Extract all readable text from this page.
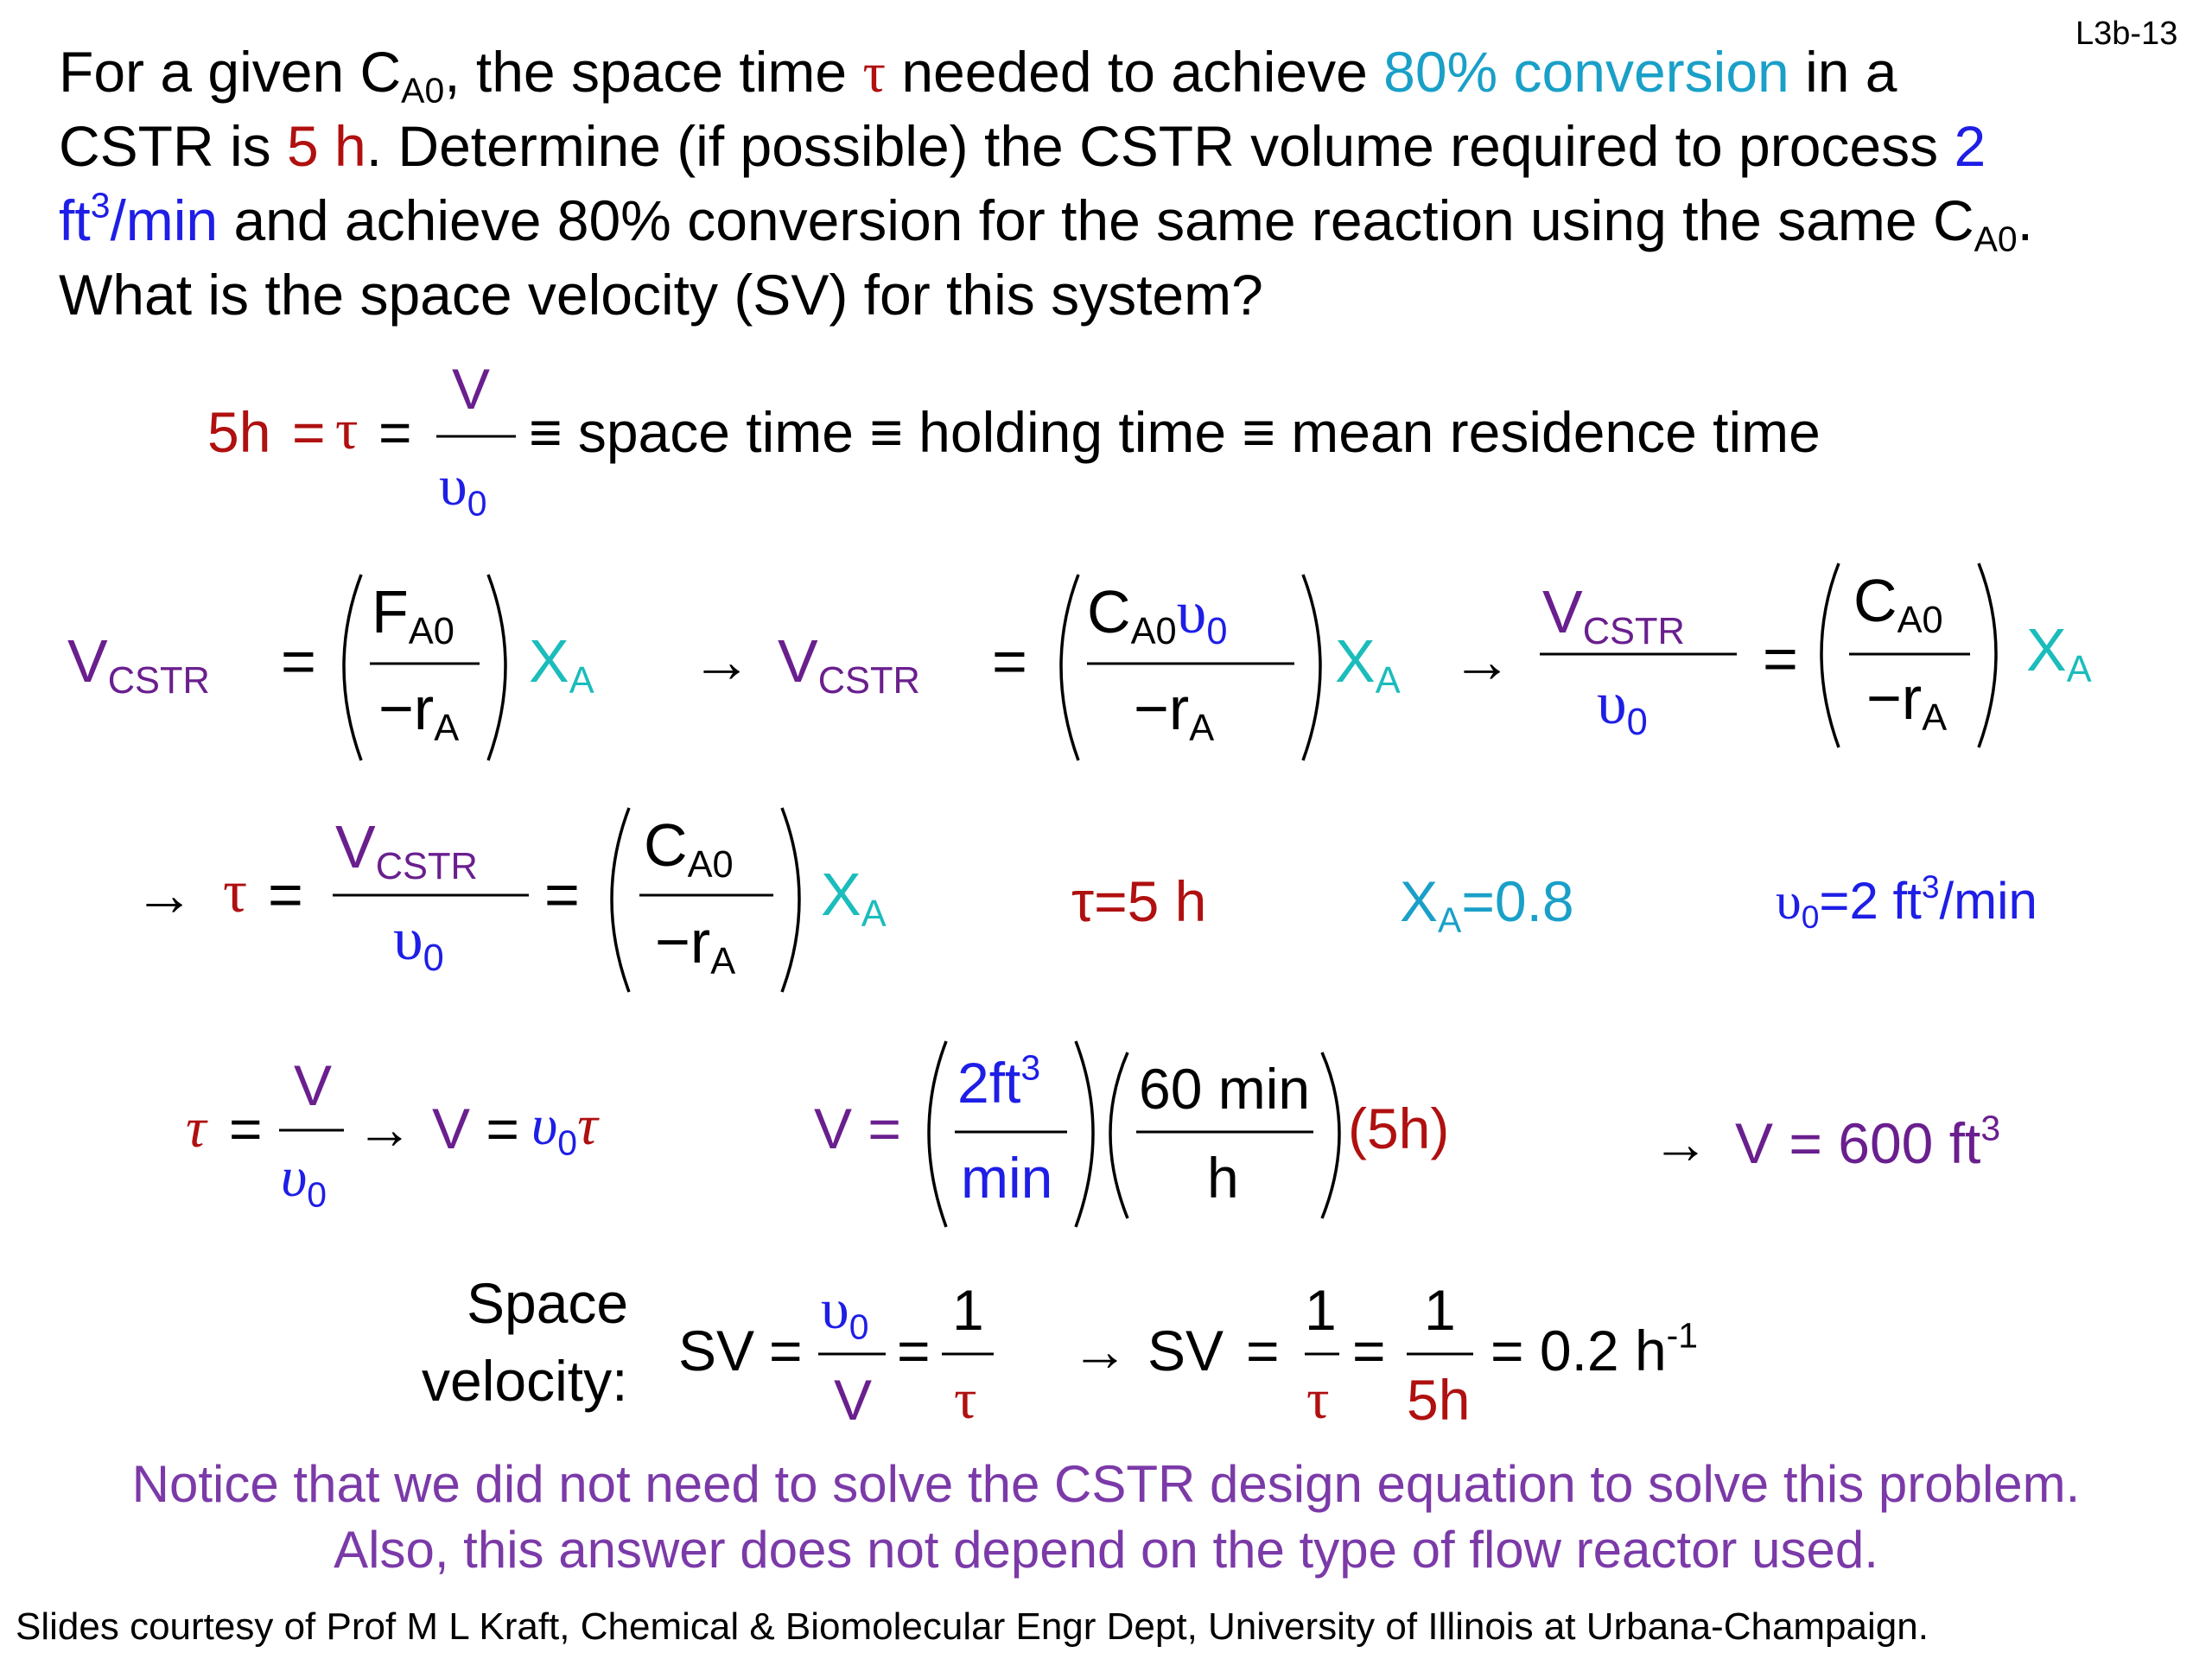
L3b-13
For a given $C_{A0}$, the space time τ needed to achieve 80% conversion in a
CSTR is 5 h. Determine (if possible) the CSTR volume required to process 2
$ft^3/\min$ and achieve 80% conversion for the same reaction using the same $C_{A0}$.
What is the space velocity (SV) for this system?
5h = τ =
V
$\upsilon_0$
≡ space time ≡ holding time ≡ mean residence time
$V_{CSTR}$ =
$F_{A0}$
$-r_A$
$X_A \to V_{CSTR}$ =
$C_{A0}\upsilon_0$
$-r_A$
$X_A$ →
$V_{CSTR}$
$\upsilon_0$
=
$C_{A0}$
$-r_A$
$X_A$
→ τ =
$V_{CSTR}$
$\upsilon_0$
=
$C_{A0}$
$-r_A$
$X_A$	τ=5 h	$X_A=0.8$	$\upsilon_0=2$ $ft^3/\min$
τ =
V
$\upsilon_0$
→ $V = \upsilon_0\tau$	V =
$2ft^3$
min
60 min
h
(5h)	→ V = 600 $ft^3$
Space
velocity: SV =
$\upsilon_0$
V
=
1
τ
→ SV =
1
τ
=
1
5h
= 0.2 $h^{-1}$
Notice that we did not need to solve the CSTR design equation to solve this problem.
Also, this answer does not depend on the type of flow reactor used.
Slides courtesy of Prof M L Kraft, Chemical & Biomolecular Engr Dept, University of Illinois at Urbana-Champaign.
